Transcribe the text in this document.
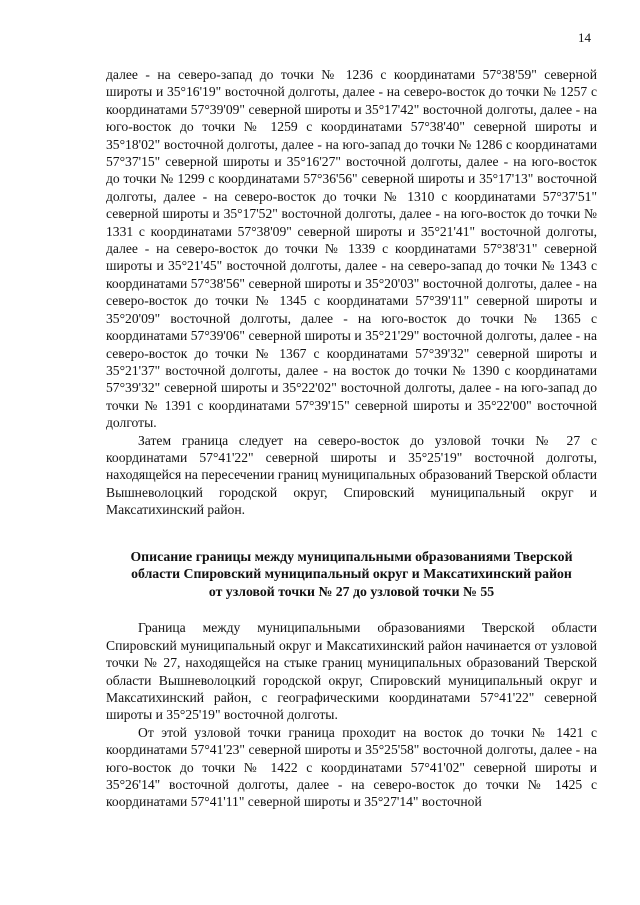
14

далее - на северо-запад до точки № 1236 с координатами 57°38'59" северной широты и 35°16'19" восточной долготы, далее - на северо-восток до точки № 1257 с координатами 57°39'09" северной широты и 35°17'42" восточной долготы, далее - на юго-восток до точки № 1259 с координатами 57°38'40" северной широты и 35°18'02" восточной долготы, далее - на юго-запад до точки № 1286 с координатами 57°37'15" северной широты и 35°16'27" восточной долготы, далее - на юго-восток до точки № 1299 с координатами 57°36'56" северной широты и 35°17'13" восточной долготы, далее - на северо-восток до точки № 1310 с координатами 57°37'51" северной широты и 35°17'52" восточной долготы, далее - на юго-восток до точки № 1331 с координатами 57°38'09" северной широты и 35°21'41" восточной долготы, далее - на северо-восток до точки № 1339 с координатами 57°38'31" северной широты и 35°21'45" восточной долготы, далее - на северо-запад до точки № 1343 с координатами 57°38'56" северной широты и 35°20'03" восточной долготы, далее - на северо-восток до точки № 1345 с координатами 57°39'11" северной широты и 35°20'09" восточной долготы, далее - на юго-восток до точки № 1365 с координатами 57°39'06" северной широты и 35°21'29" восточной долготы, далее - на северо-восток до точки № 1367 с координатами 57°39'32" северной широты и 35°21'37" восточной долготы, далее - на восток до точки № 1390 с координатами 57°39'32" северной широты и 35°22'02" восточной долготы, далее - на юго-запад до точки № 1391 с координатами 57°39'15" северной широты и 35°22'00" восточной долготы.

Затем граница следует на северо-восток до узловой точки № 27 с координатами 57°41'22" северной широты и 35°25'19" восточной долготы, находящейся на пересечении границ муниципальных образований Тверской области Вышневолоцкий городской округ, Спировский муниципальный округ и Максатихинский район.

Описание границы между муниципальными образованиями Тверской
области Спировский муниципальный округ и Максатихинский район
от узловой точки № 27 до узловой точки № 55

Граница между муниципальными образованиями Тверской области Спировский муниципальный округ и Максатихинский район начинается от узловой точки № 27, находящейся на стыке границ муниципальных образований Тверской области Вышневолоцкий городской округ, Спировский муниципальный округ и Максатихинский район, с географическими координатами 57°41'22" северной широты и 35°25'19" восточной долготы.

От этой узловой точки граница проходит на восток до точки № 1421 с координатами 57°41'23" северной широты и 35°25'58" восточной долготы, далее - на юго-восток до точки № 1422 с координатами 57°41'02" северной широты и 35°26'14" восточной долготы, далее - на северо-восток до точки № 1425 с координатами 57°41'11" северной широты и 35°27'14" восточной
